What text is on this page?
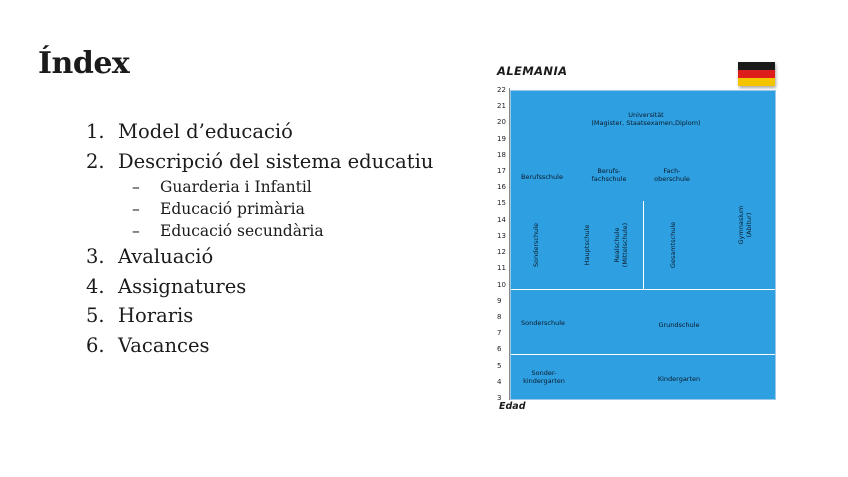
Índex
1. Model d’educació
2. Descripció del sistema educatiu
– Guarderia i Infantil
– Educació primària
– Educació secundària
3. Avaluació
4. Assignatures
5. Horaris
6. Vacances
ALEMANIA
22
21
20
19
18
17
16
15
14
13
12
11
10
9
8
7
6
5
4
3
Universität
(Magister, Staatsexamen,Diplom)
Berufsschule
Berufs-
fachschule
Fach-
oberschule
Sonderschule	Hauptschule	Realschule (Mittelschule)	Gesamtschule	Gymnasium (Abitur)
Sonderschule	Grundschule
Sonder-
kindergarten	Kindergarten
Edad
